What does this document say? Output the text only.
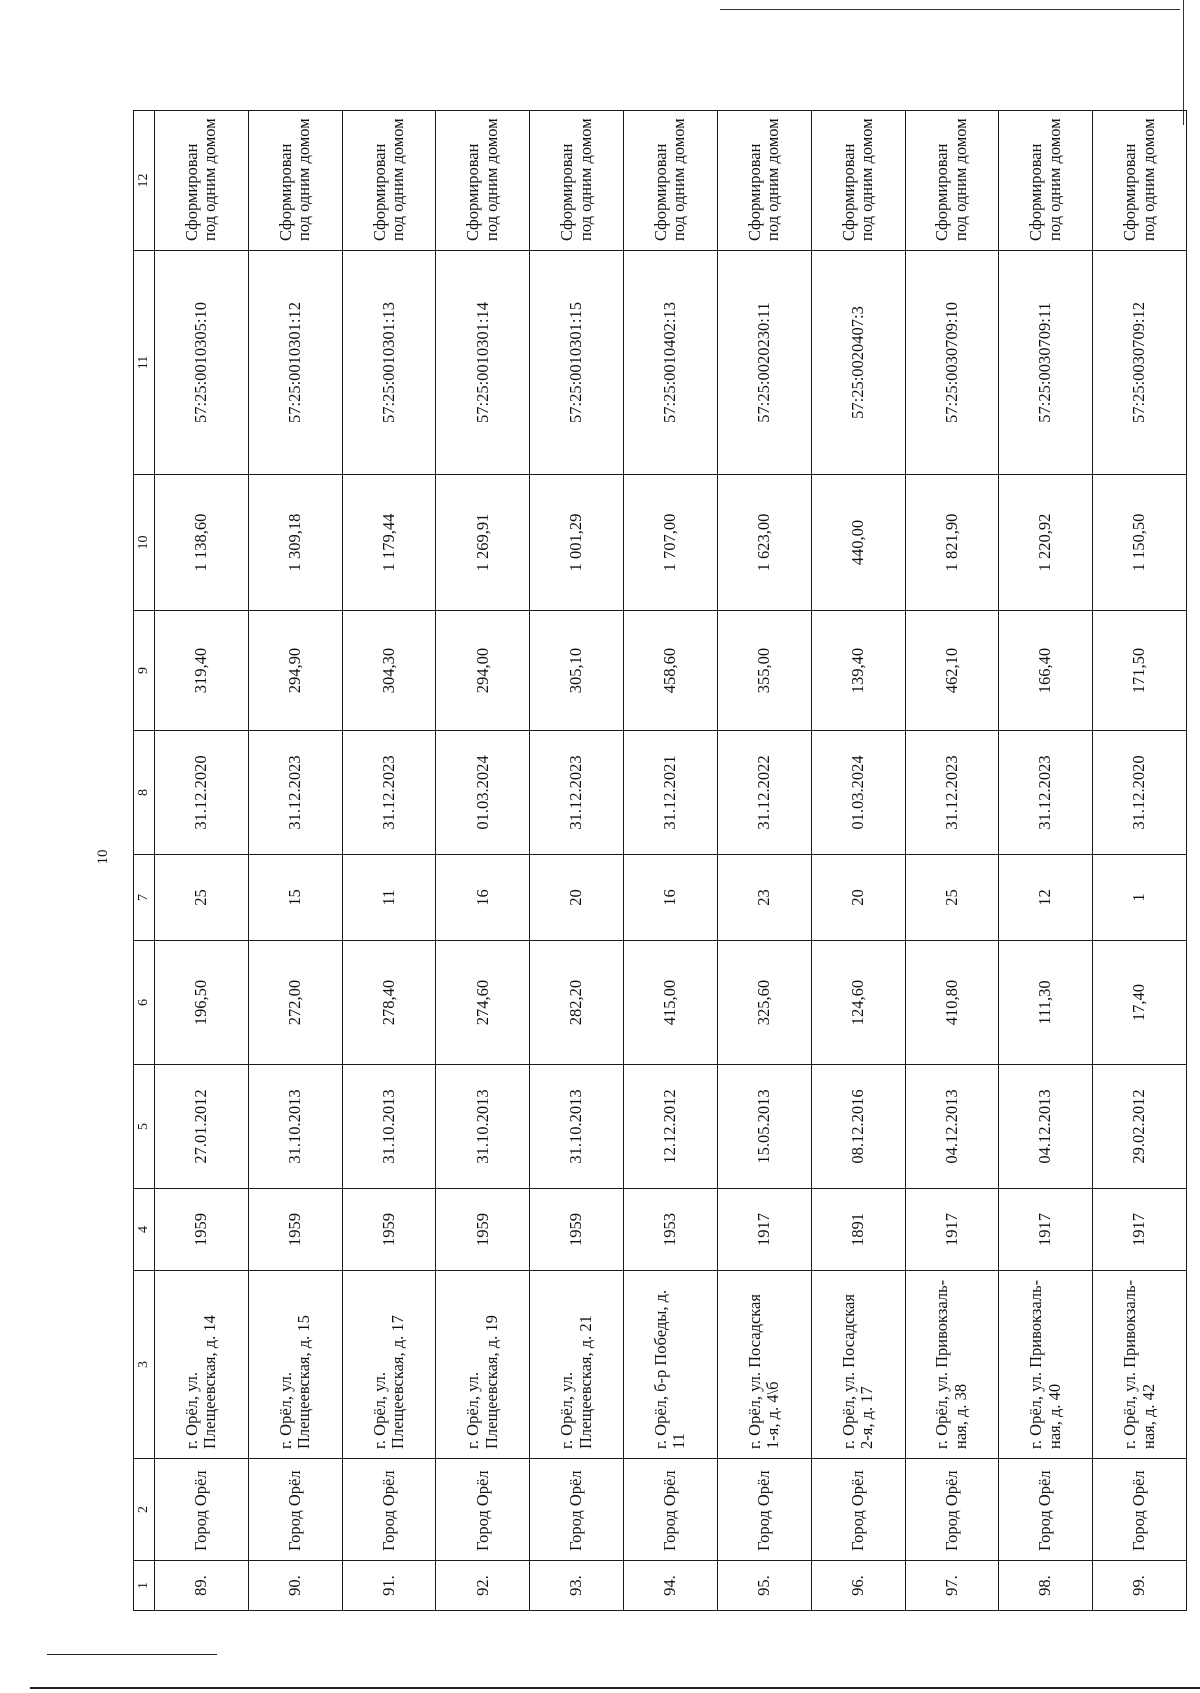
10
1	2	3	4	5	6	7	8	9	10	11	12
89.	Город Орёл	г. Орёл, ул. Плещеевская, д. 14	1959	27.01.2012	196,50	25	31.12.2020	319,40	1 138,60	57:25:0010305:10	Сформирован под одним домом
90.	Город Орёл	г. Орёл, ул. Плещеевская, д. 15	1959	31.10.2013	272,00	15	31.12.2023	294,90	1 309,18	57:25:0010301:12	Сформирован под одним домом
91.	Город Орёл	г. Орёл, ул. Плещеевская, д. 17	1959	31.10.2013	278,40	11	31.12.2023	304,30	1 179,44	57:25:0010301:13	Сформирован под одним домом
92.	Город Орёл	г. Орёл, ул. Плещеевская, д. 19	1959	31.10.2013	274,60	16	01.03.2024	294,00	1 269,91	57:25:0010301:14	Сформирован под одним домом
93.	Город Орёл	г. Орёл, ул. Плещеевская, д. 21	1959	31.10.2013	282,20	20	31.12.2023	305,10	1 001,29	57:25:0010301:15	Сформирован под одним домом
94.	Город Орёл	г. Орёл, б-р Победы, д. 11	1953	12.12.2012	415,00	16	31.12.2021	458,60	1 707,00	57:25:0010402:13	Сформирован под одним домом
95.	Город Орёл	г. Орёл, ул. Посадская 1-я, д. 4\б	1917	15.05.2013	325,60	23	31.12.2022	355,00	1 623,00	57:25:0020230:11	Сформирован под одним домом
96.	Город Орёл	г. Орёл, ул. Посадская 2-я, д. 17	1891	08.12.2016	124,60	20	01.03.2024	139,40	440,00	57:25:0020407:3	Сформирован под одним домом
97.	Город Орёл	г. Орёл, ул. Привокзаль-ная, д. 38	1917	04.12.2013	410,80	25	31.12.2023	462,10	1 821,90	57:25:0030709:10	Сформирован под одним домом
98.	Город Орёл	г. Орёл, ул. Привокзаль-ная, д. 40	1917	04.12.2013	111,30	12	31.12.2023	166,40	1 220,92	57:25:0030709:11	Сформирован под одним домом
99.	Город Орёл	г. Орёл, ул. Привокзаль-ная, д. 42	1917	29.02.2012	17,40	1	31.12.2020	171,50	1 150,50	57:25:0030709:12	Сформирован под одним домом
